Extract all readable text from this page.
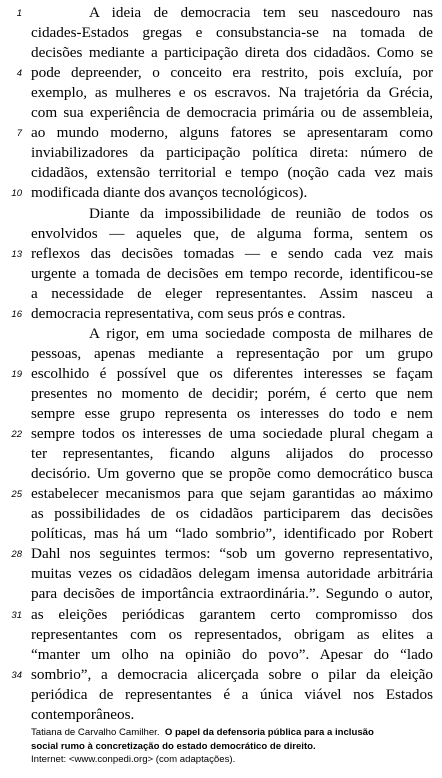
1	A ideia de democracia tem seu nascedouro nas
cidades-Estados gregas e consubstancia-se na tomada de
decisões mediante a participação direta dos cidadãos. Como se
4 pode depreender, o conceito era restrito, pois excluía, por
exemplo, as mulheres e os escravos. Na trajetória da Grécia,
com sua experiência de democracia primária ou de assembleia,
7 ao mundo moderno, alguns fatores se apresentaram como
inviabilizadores da participação política direta: número de
cidadãos, extensão territorial e tempo (noção cada vez mais
10 modificada diante dos avanços tecnológicos).
Diante da impossibilidade de reunião de todos os
envolvidos — aqueles que, de alguma forma, sentem os
13 reflexos das decisões tomadas — e sendo cada vez mais
urgente a tomada de decisões em tempo recorde, identificou-se
a necessidade de eleger representantes. Assim nasceu a
16 democracia representativa, com seus prós e contras.
A rigor, em uma sociedade composta de milhares de
pessoas, apenas mediante a representação por um grupo
19 escolhido é possível que os diferentes interesses se façam
presentes no momento de decidir; porém, é certo que nem
sempre esse grupo representa os interesses do todo e nem
22 sempre todos os interesses de uma sociedade plural chegam a
ter representantes, ficando alguns alijados do processo
decisório. Um governo que se propõe como democrático busca
25 estabelecer mecanismos para que sejam garantidas ao máximo
as possibilidades de os cidadãos participarem das decisões
políticas, mas há um “lado sombrio”, identificado por Robert
28 Dahl nos seguintes termos: “sob um governo representativo,
muitas vezes os cidadãos delegam imensa autoridade arbitrária
para decisões de importância extraordinária.”. Segundo o autor,
31 as eleições periódicas garantem certo compromisso dos
representantes com os representados, obrigam as elites a
“manter um olho na opinião do povo”. Apesar do “lado
34 sombrio”, a democracia alicerçada sobre o pilar da eleição
periódica de representantes é a única viável nos Estados
contemporâneos.
Tatiana de Carvalho Camilher. O papel da defensoria pública para a inclusão
social rumo à concretização do estado democrático de direito.
Internet: <www.conpedi.org> (com adaptações).
